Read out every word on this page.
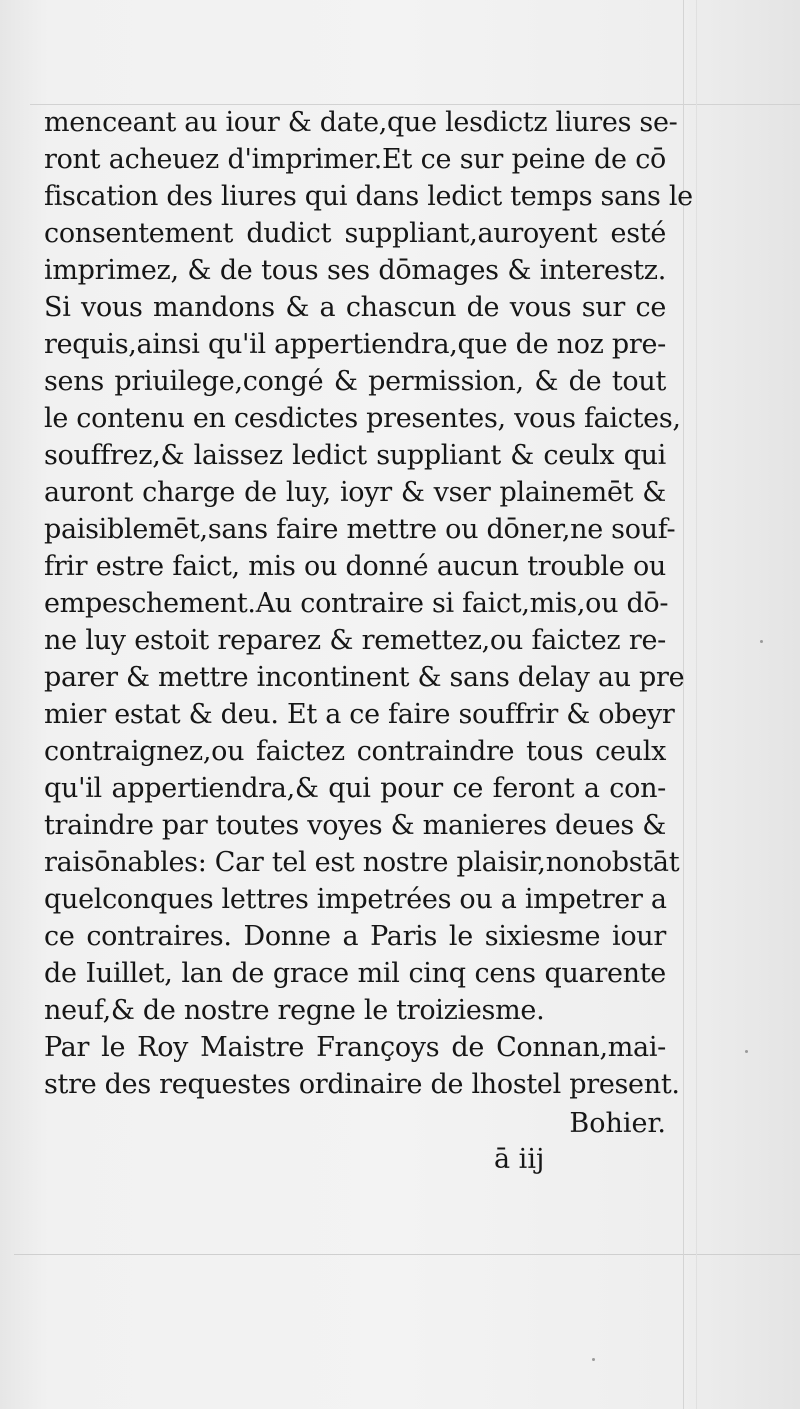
menceant au iour & date,que lesdictz liures se-
ront acheuez d'imprimer.Et ce sur peine de cō
fiscation des liures qui dans ledict temps sans le
consentement dudict suppliant,auroyent esté
imprimez, & de tous ses dōmages & interestz.
Si vous mandons & a chascun de vous sur ce
requis,ainsi qu'il appertiendra,que de noz pre-
sens priuilege,congé & permission, & de tout
le contenu en cesdictes presentes, vous faictes,
souffrez,& laissez ledict suppliant & ceulx qui
auront charge de luy, ioyr & vser plainemēt &
paisiblemēt,sans faire mettre ou dōner,ne souf-
frir estre faict, mis ou donné aucun trouble ou
empeschement.Au contraire si faict,mis,ou dō-
ne luy estoit reparez & remettez,ou faictez re-
parer & mettre incontinent & sans delay au pre
mier estat & deu. Et a ce faire souffrir & obeyr
contraignez,ou faictez contraindre tous ceulx
qu'il appertiendra,& qui pour ce feront a con-
traindre par toutes voyes & manieres deues &
raisōnables: Car tel est nostre plaisir,nonobstāt
quelconques lettres impetrées ou a impetrer a
ce contraires. Donne a Paris le sixiesme iour
de Iuillet, lan de grace mil cinq cens quarente
neuf,& de nostre regne le troiziesme.
Par le Roy Maistre Françoys de Connan,mai-
stre des requestes ordinaire de lhostel present.
Bohier.
ā iij
